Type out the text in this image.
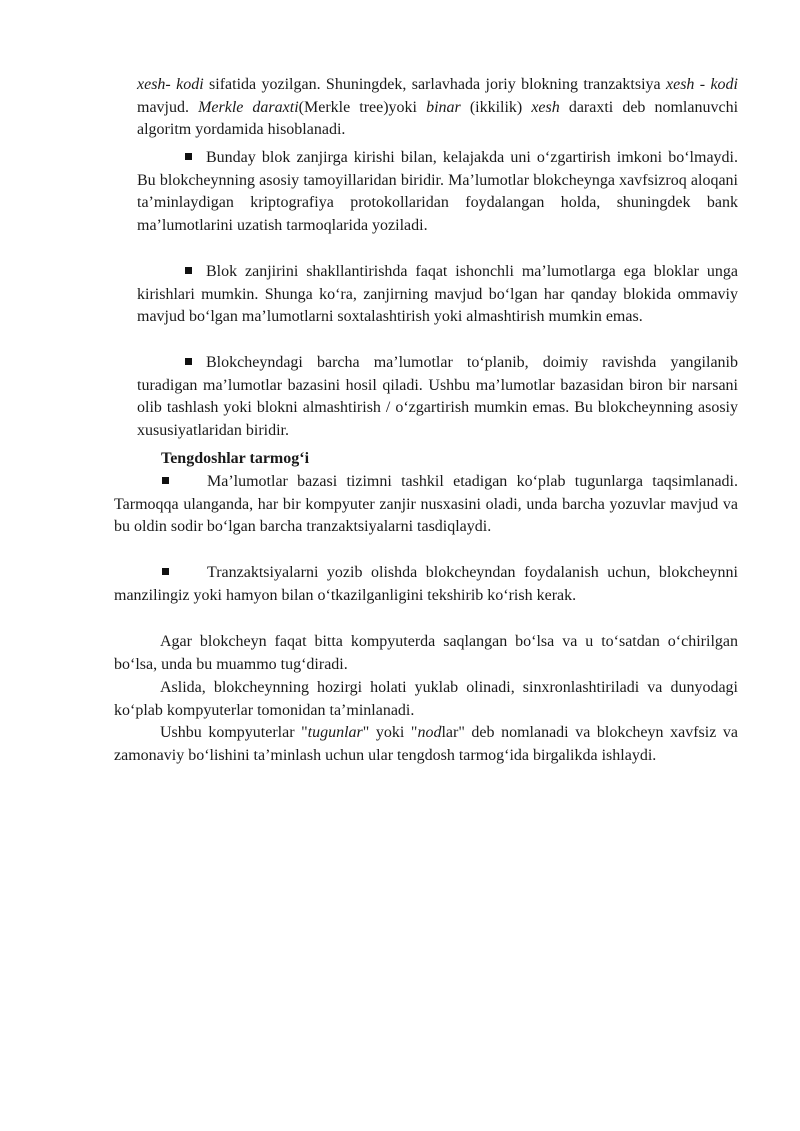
xesh- kodi sifatida yozilgan. Shuningdek, sarlavhada joriy blokning tranzaktsiya xesh - kodi mavjud. Merkle daraxti(Merkle tree)yoki binar (ikkilik) xesh daraxti deb nomlanuvchi algoritm yordamida hisoblanadi.

Bunday blok zanjirga kirishi bilan, kelajakda uni o‘zgartirish imkoni bo‘lmaydi. Bu blokcheynning asosiy tamoyillaridan biridir. Ma’lumotlar blokcheynga xavfsizroq aloqani ta’minlaydigan kriptografiya protokollaridan foydalangan holda, shuningdek bank ma’lumotlarini uzatish tarmoqlarida yoziladi.

Blok zanjirini shakllantirishda faqat ishonchli ma’lumotlarga ega bloklar unga kirishlari mumkin. Shunga ko‘ra, zanjirning mavjud bo‘lgan har qanday blokida ommaviy mavjud bo‘lgan ma’lumotlarni soxtalashtirish yoki almashtirish mumkin emas.

Blokcheyndagi barcha ma’lumotlar to‘planib, doimiy ravishda yangilanib turadigan ma’lumotlar bazasini hosil qiladi. Ushbu ma’lumotlar bazasidan biron bir narsani olib tashlash yoki blokni almashtirish / o‘zgartirish mumkin emas. Bu blokcheynning asosiy xususiyatlaridan biridir.

Tengdoshlar tarmog‘i

Ma’lumotlar bazasi tizimni tashkil etadigan ko‘plab tugunlarga taqsimlanadi. Tarmoqqa ulanganda, har bir kompyuter zanjir nusxasini oladi, unda barcha yozuvlar mavjud va bu oldin sodir bo‘lgan barcha tranzaktsiyalarni tasdiqlaydi.

Tranzaktsiyalarni yozib olishda blokcheyndan foydalanish uchun, blokcheynni manzilingiz yoki hamyon bilan o‘tkazilganligini tekshirib ko‘rish kerak.

Agar blokcheyn faqat bitta kompyuterda saqlangan bo‘lsa va u to‘satdan o‘chirilgan bo‘lsa, unda bu muammo tug‘diradi.

Aslida, blokcheynning hozirgi holati yuklab olinadi, sinxronlashtiriladi va dunyodagi ko‘plab kompyuterlar tomonidan ta’minlanadi.

Ushbu kompyuterlar "tugunlar" yoki "nodlar" deb nomlanadi va blokcheyn xavfsiz va zamonaviy bo‘lishini ta’minlash uchun ular tengdosh tarmog‘ida birgalikda ishlaydi.
